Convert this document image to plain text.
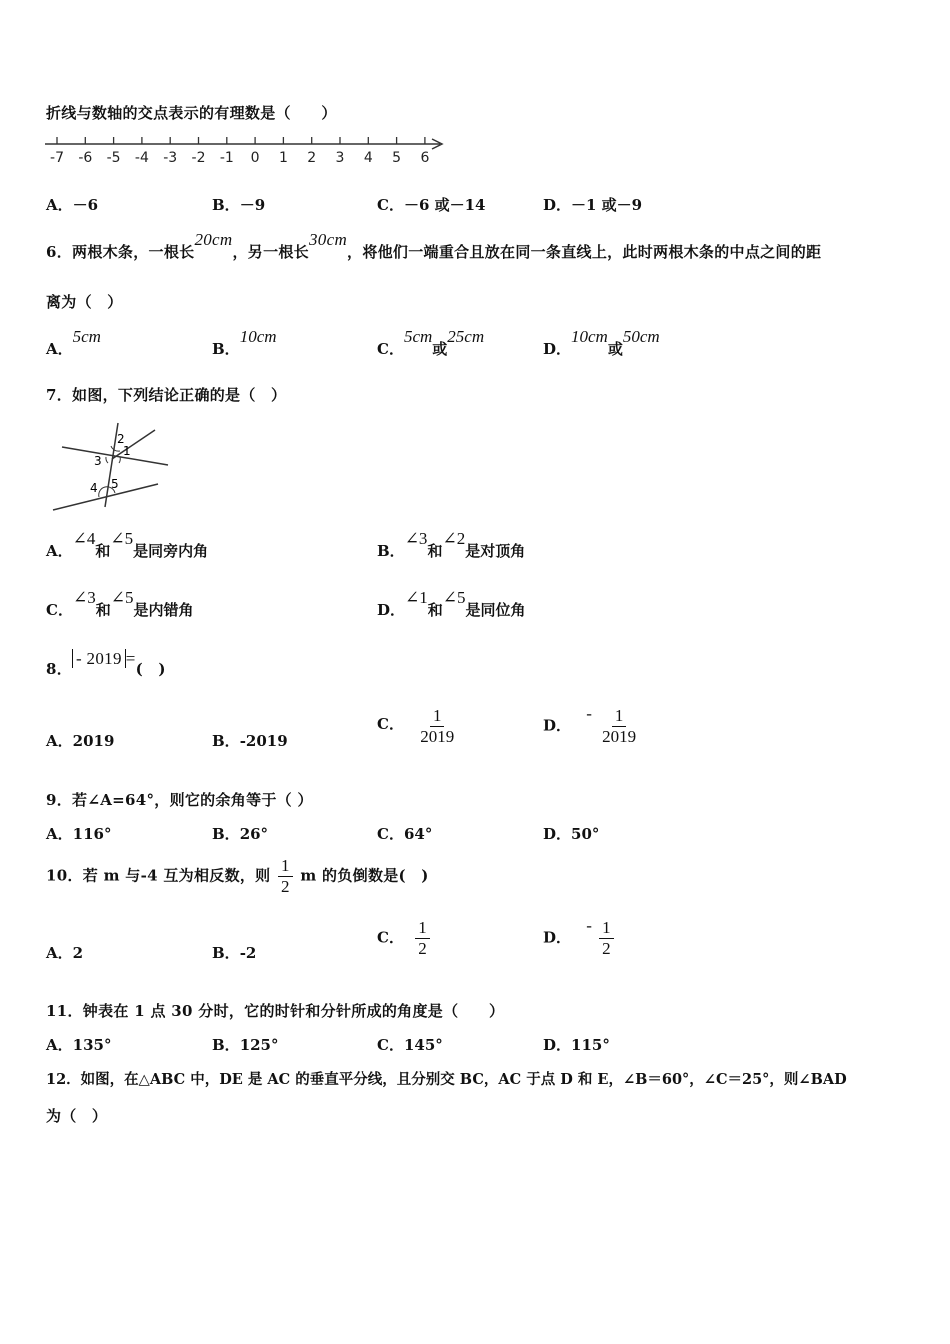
折线与数轴的交点表示的有理数是（　　）
-7 -6 -5 -4 -3 -2 -1 0 1 2 3 4 5 6
A．－6	B．－9	C．－6 或－14	D．－1 或－9
6．两根木条，一根长20cm，另一根长30cm，将他们一端重合且放在同一条直线上，此时两根木条的中点之间的距
离为（　）
A．5cm
B．10cm
C．5cm或25cm
D．10cm或50cm
7．如图，下列结论正确的是（　）
2
1
3
4 5
A．∠4和∠5是同旁内角	B．∠3和∠2是对顶角
C．∠3和∠5是内错角	D．∠1和∠5是同位角
8．- 2019 =(　)
A．2019	B．-2019
C． $\frac{1}{2019}$	D． - $\frac{1}{2019}$
9．若∠A=64°，则它的余角等于（ ）
A．116°	B．26°	C．64°	D．50°
10．若 m 与-4 互为相反数，则 $\frac{1}{2}$ m 的负倒数是(　)
A．2	B．-2
C． $\frac{1}{2}$	D． - $\frac{1}{2}$
11．钟表在 1 点 30 分时，它的时针和分针所成的角度是（　　）
A．135°	B．125°	C．145°	D．115°
12．如图，在△ABC 中，DE 是 AC 的垂直平分线，且分别交 BC，AC 于点 D 和 E，∠B＝60°，∠C＝25°，则∠BAD
为（　）
